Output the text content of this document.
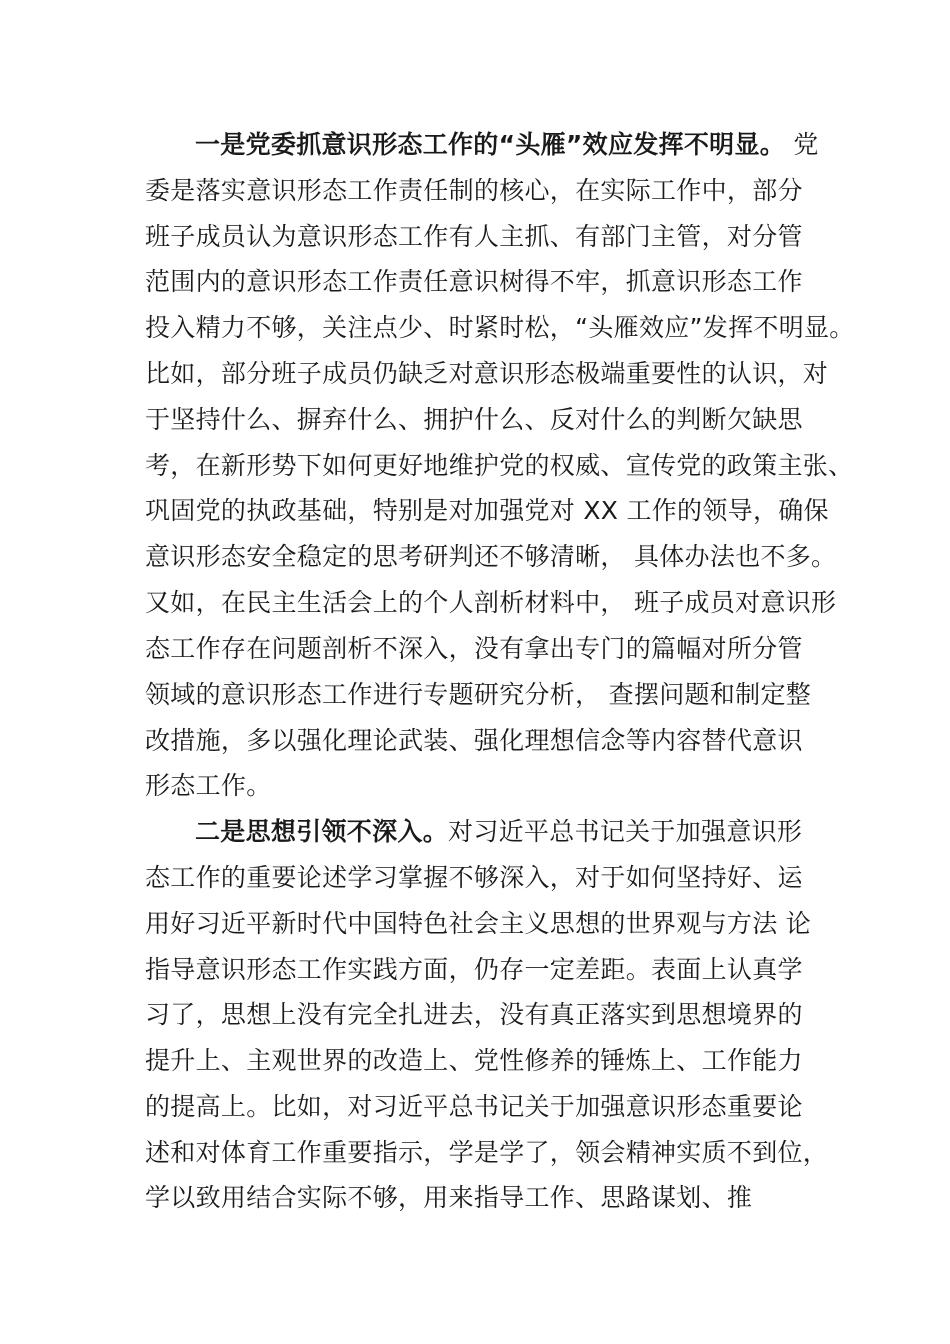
一是党委抓意识形态工作的“头雁”效应发挥不明显。 党
委是落实意识形态工作责任制的核心，在实际工作中，部分
班子成员认为意识形态工作有人主抓、有部门主管，对分管
范围内的意识形态工作责任意识树得不牢，抓意识形态工作
投入精力不够，关注点少、时紧时松，“头雁效应”发挥不明显。
比如，部分班子成员仍缺乏对意识形态极端重要性的认识，对
于坚持什么、摒弃什么、拥护什么、反对什么的判断欠缺思
考，在新形势下如何更好地维护党的权威、宣传党的政策主张、
巩固党的执政基础，特别是对加强党对 XX 工作的领导，确保
意识形态安全稳定的思考研判还不够清晰， 具体办法也不多。
又如，在民主生活会上的个人剖析材料中， 班子成员对意识形
态工作存在问题剖析不深入，没有拿出专门的篇幅对所分管
领域的意识形态工作进行专题研究分析， 查摆问题和制定整
改措施，多以强化理论武装、强化理想信念等内容替代意识
形态工作。
二是思想引领不深入。对习近平总书记关于加强意识形
态工作的重要论述学习掌握不够深入，对于如何坚持好、运
用好习近平新时代中国特色社会主义思想的世界观与方法 论
指导意识形态工作实践方面，仍存一定差距。表面上认真学
习了，思想上没有完全扎进去，没有真正落实到思想境界的
提升上、主观世界的改造上、党性修养的锤炼上、工作能力
的提高上。比如，对习近平总书记关于加强意识形态重要论
述和对体育工作重要指示，学是学了，领会精神实质不到位，
学以致用结合实际不够，用来指导工作、思路谋划、推
